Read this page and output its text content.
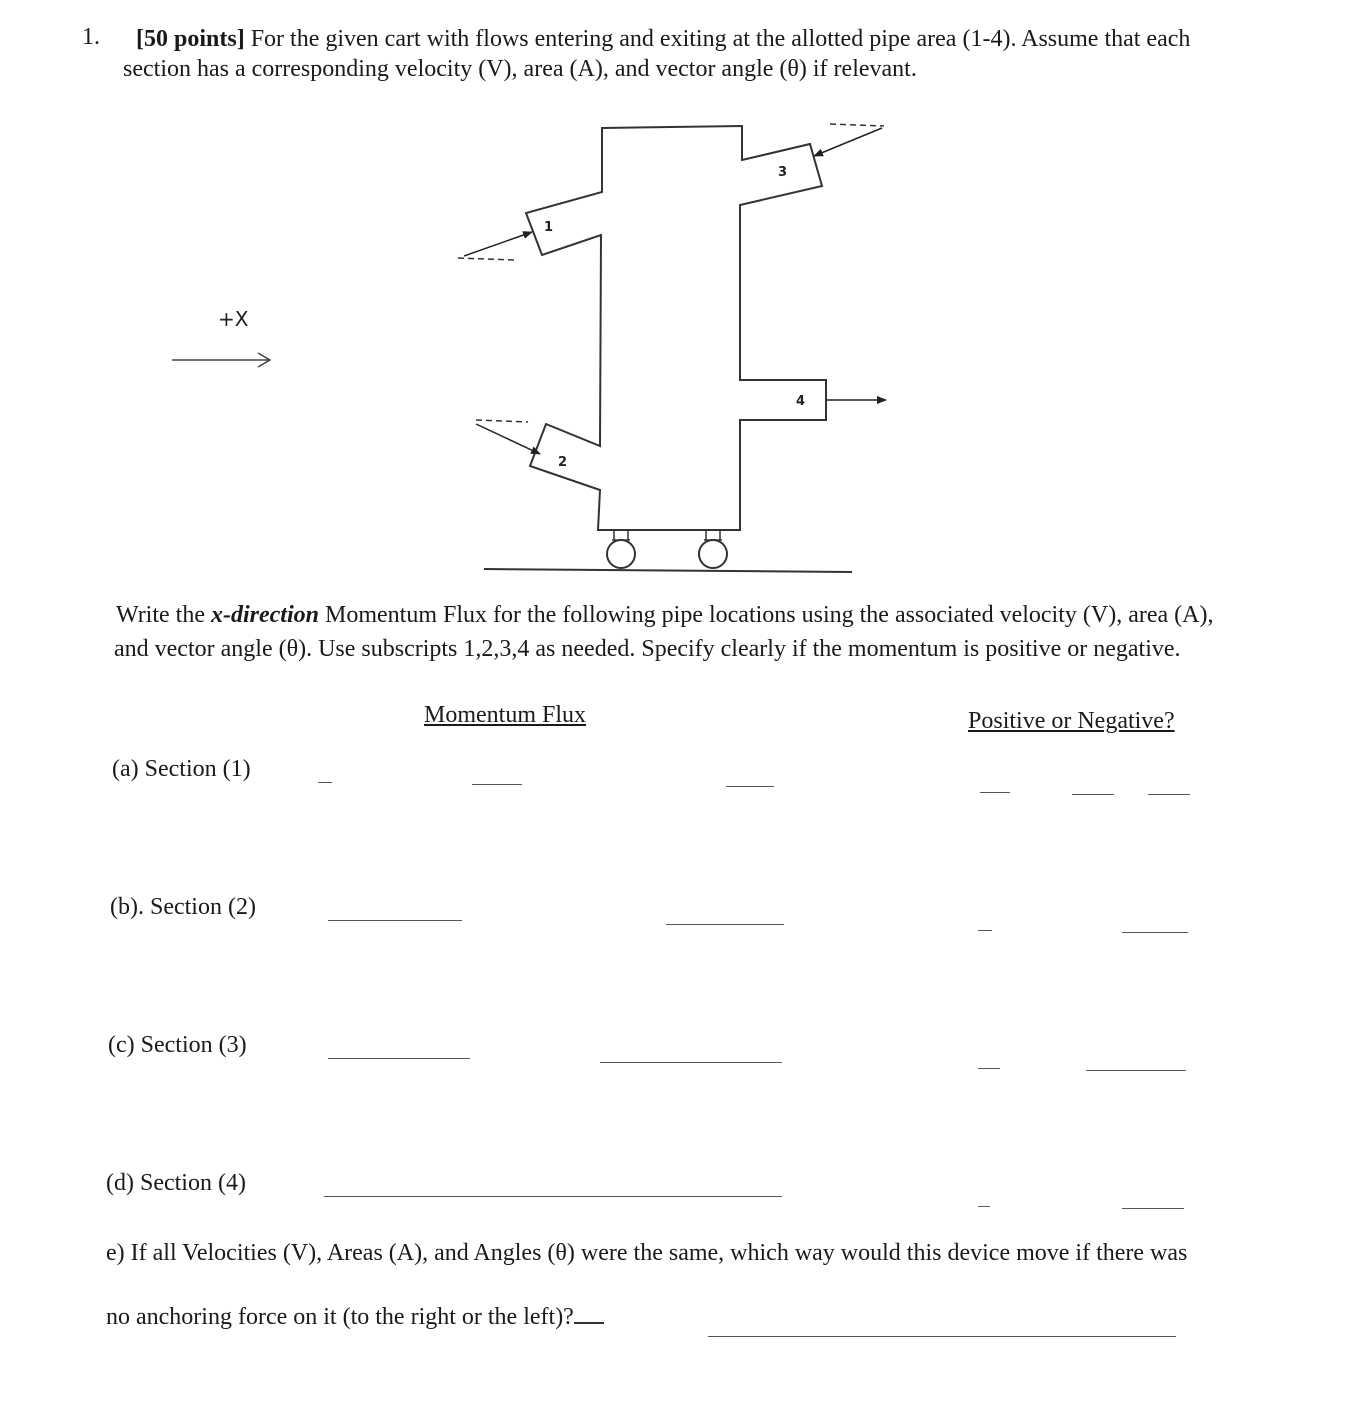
1. [50 points] For the given cart with flows entering and exiting at the allotted pipe area (1-4). Assume that each
section has a corresponding velocity (V), area (A), and vector angle (θ) if relevant.
+X
1
2
3
4
Write the x-direction Momentum Flux for the following pipe locations using the associated velocity (V), area (A),
and vector angle (θ). Use subscripts 1,2,3,4 as needed. Specify clearly if the momentum is positive or negative.
Momentum Flux	Positive or Negative?
(a) Section (1)
(b). Section (2)
(c) Section (3)
(d) Section (4)
e) If all Velocities (V), Areas (A), and Angles (θ) were the same, which way would this device move if there was
no anchoring force on it (to the right or the left)?
